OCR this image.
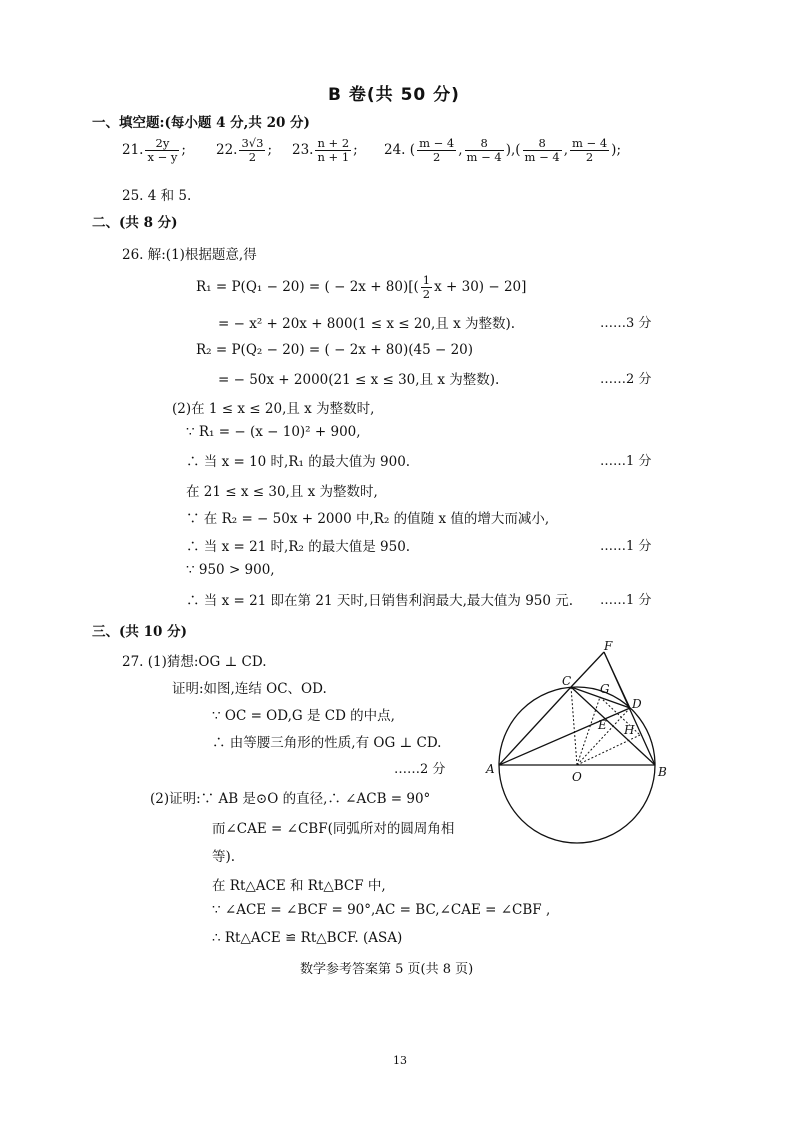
B 卷(共 50 分)
一、填空题:(每小题 4 分,共 20 分)
21. $\frac{2y}{x - y}$ ; 22. $\frac{3√3}{2}$ ; 23. $\frac{n + 2}{n + 1}$ ; 24. ( $\frac{m - 4}{2}$ , $\frac{8}{m - 4}$ ),( $\frac{8}{m - 4}$ , $\frac{m - 4}{2}$ );
25. 4 和 5.
二、(共 8 分)
26. 解:(1)根据题意,得
R₁ = P(Q₁ − 20) = ( − $2x + 80)[( \frac{1}{2}$ x + 30) − 20]
= − x² + 20x + 800(1 ≤ x ≤ 20,且 x 为整数).	……3 分
R₂ = P(Q₂ − 20) = ( − 2x + 80)(45 − 20)
= − 50x + 2000(21 ≤ x ≤ 30,且 x 为整数).	……2 分
(2)在 1 ≤ x ≤ 20,且 x 为整数时,
∵ R₁ = − (x − 10)² + 900,
∴ 当 x = 10 时,R₁ 的最大值为 900.	……1 分
在 21 ≤ x ≤ 30,且 x 为整数时,
∵ 在 R₂ = − 50x + 2000 中,R₂ 的值随 x 值的增大而减小,
∴ 当 x = 21 时,R₂ 的最大值是 950.	……1 分
∵ 950 > 900,
∴ 当 x = 21 即在第 21 天时,日销售利润最大,最大值为 950 元. ……1 分
三、(共 10 分)
27. (1)猜想:OG ⊥ CD.
证明:如图,连结 OC、OD.
∵ OC = OD,G 是 CD 的中点,
∴ 由等腰三角形的性质,有 OG ⊥ CD.
……2 分
(2)证明:∵ AB 是⊙O 的直径,∴ ∠ACB = 90°
而∠CAE = ∠CBF(同弧所对的圆周角相
等).
在 Rt△ACE 和 Rt△BCF 中,
∵ ∠ACE = ∠BCF = 90°,AC = BC,∠CAE = ∠CBF ,
∴ Rt△ACE ≌ Rt△BCF. (ASA)
A	B
C
D
F
G
E H
O
数学参考答案第 5 页(共 8 页)
13
